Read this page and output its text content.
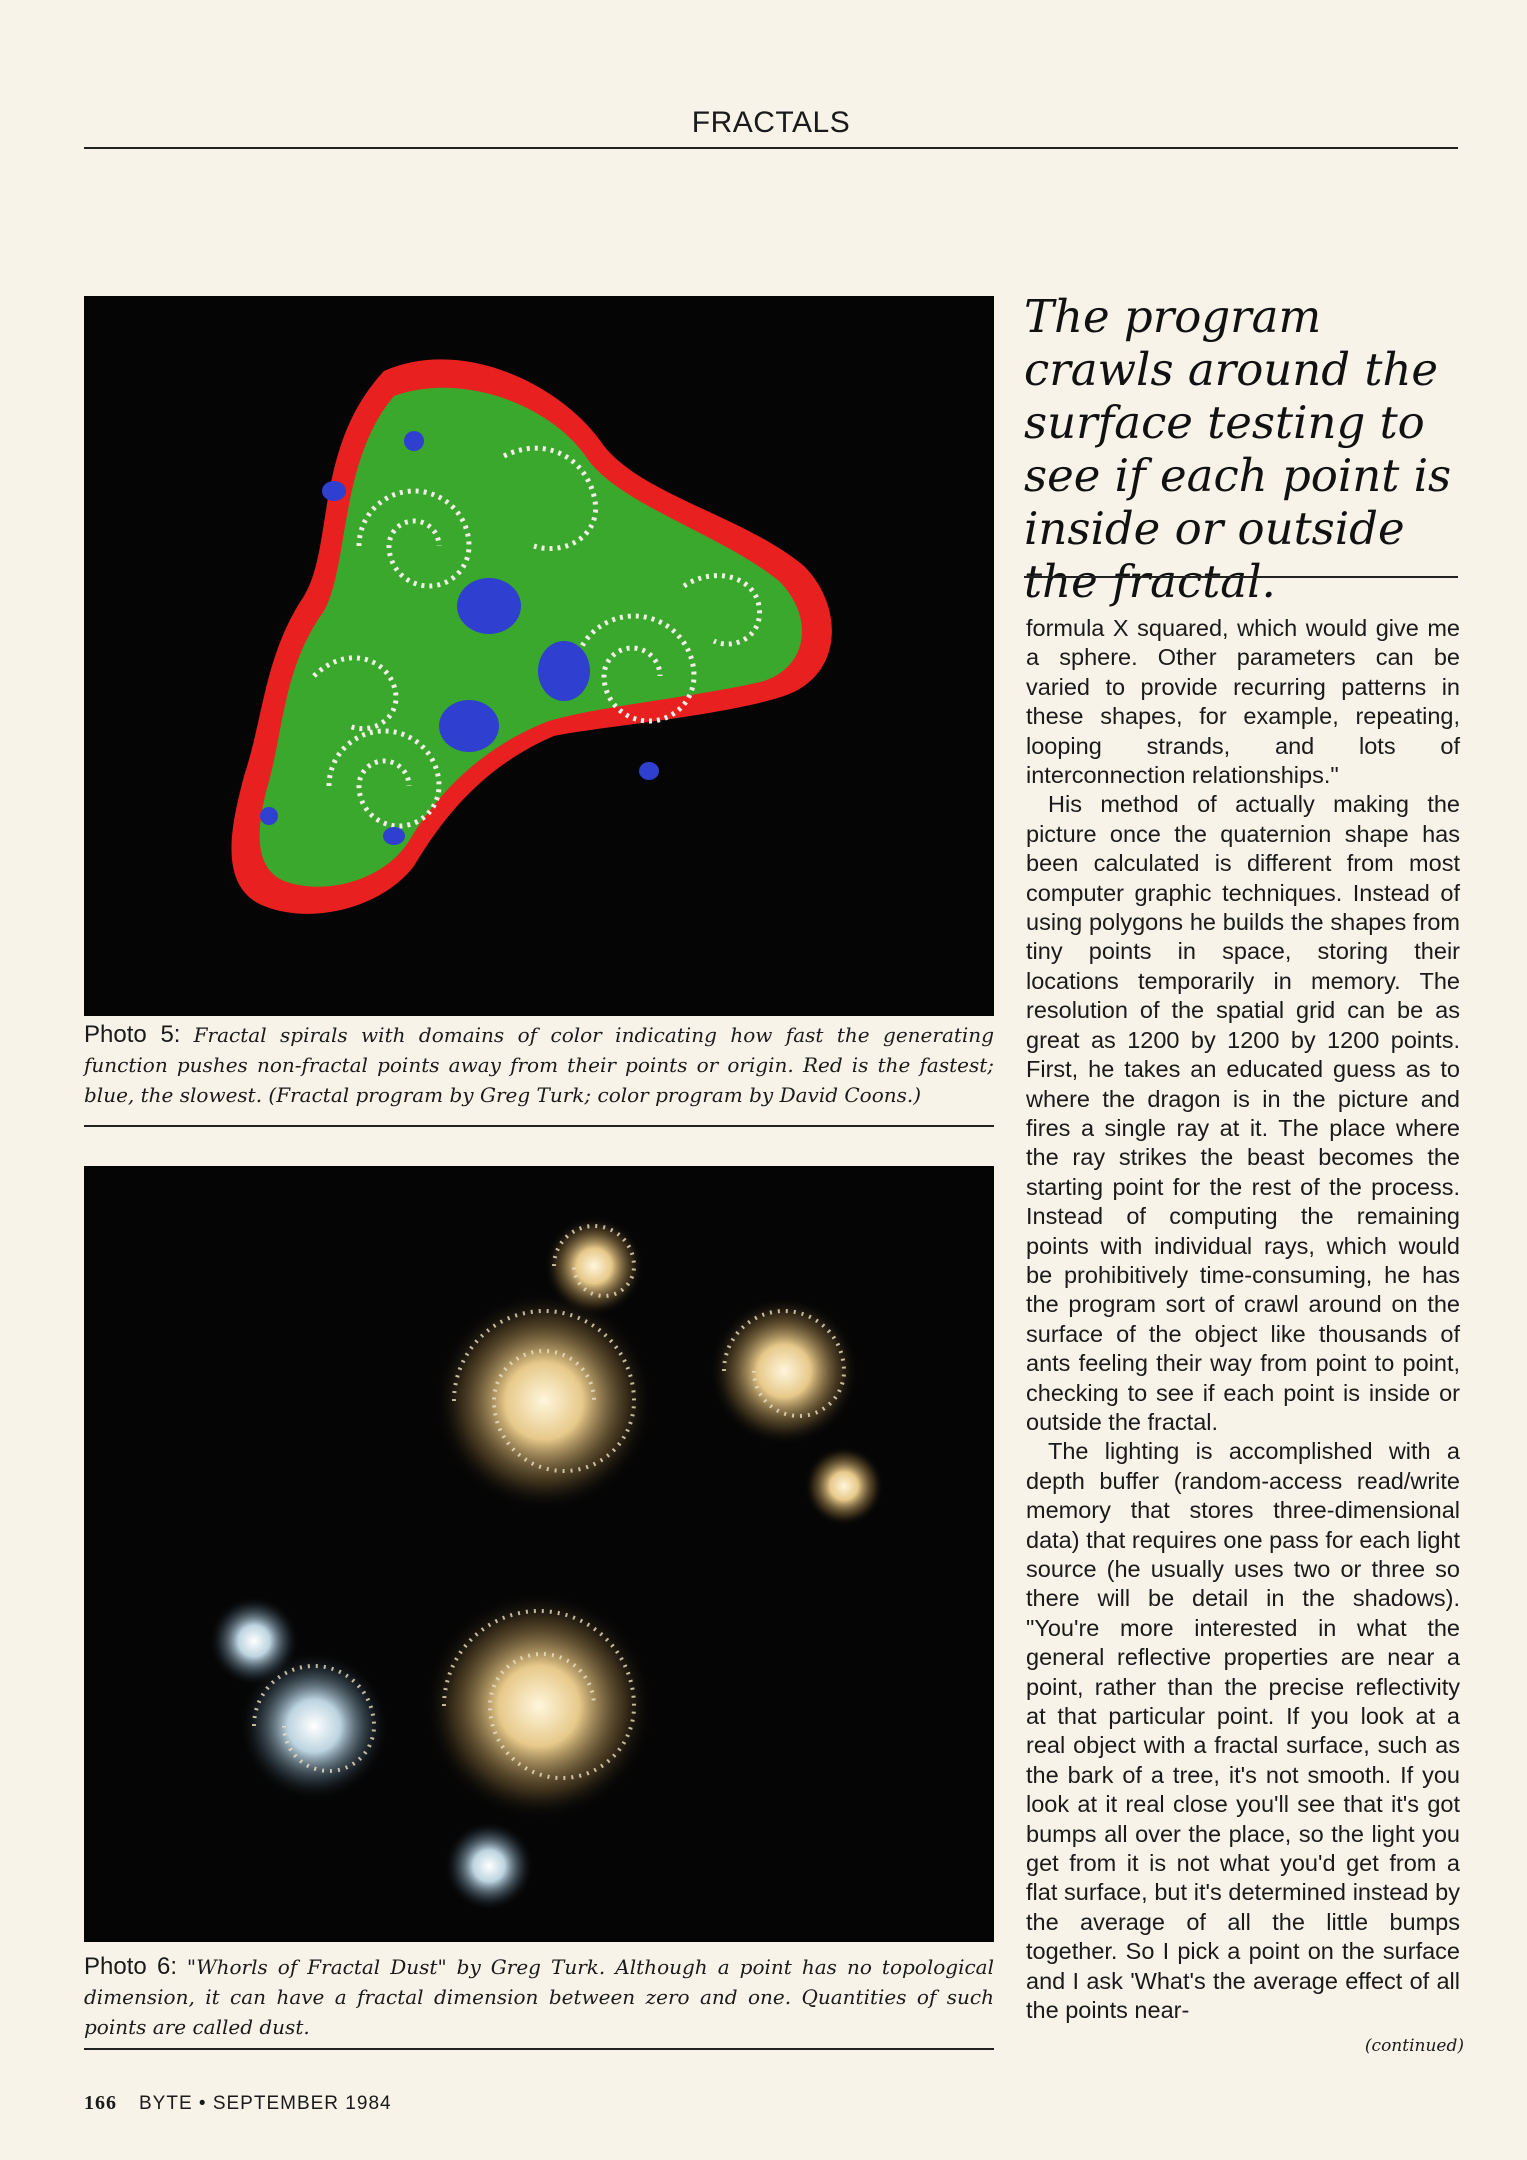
FRACTALS
Photo 5: Fractal spirals with domains of color indicating how fast the generating function pushes non-fractal points away from their points or origin. Red is the fastest; blue, the slowest. (Fractal program by Greg Turk; color program by David Coons.)
Photo 6: "Whorls of Fractal Dust" by Greg Turk. Although a point has no topological dimension, it can have a fractal dimension between zero and one. Quantities of such points are called dust.
The program crawls around the surface testing to see if each point is inside or outside the fractal.

formula X squared, which would give me a sphere. Other parameters can be varied to provide recurring patterns in these shapes, for example, repeating, looping strands, and lots of interconnection relationships."

His method of actually making the picture once the quaternion shape has been calculated is different from most computer graphic techniques. Instead of using polygons he builds the shapes from tiny points in space, storing their locations temporarily in memory. The resolution of the spatial grid can be as great as 1200 by 1200 by 1200 points. First, he takes an educated guess as to where the dragon is in the picture and fires a single ray at it. The place where the ray strikes the beast becomes the starting point for the rest of the process. Instead of computing the remaining points with individual rays, which would be prohibitively time-consuming, he has the program sort of crawl around on the surface of the object like thousands of ants feeling their way from point to point, checking to see if each point is inside or outside the fractal.

The lighting is accomplished with a depth buffer (random-access read/write memory that stores three-dimensional data) that requires one pass for each light source (he usually uses two or three so there will be detail in the shadows). "You're more interested in what the general reflective properties are near a point, rather than the precise reflectivity at that particular point. If you look at a real object with a fractal surface, such as the bark of a tree, it's not smooth. If you look at it real close you'll see that it's got bumps all over the place, so the light you get from it is not what you'd get from a flat surface, but it's determined instead by the average of all the little bumps together. So I pick a point on the surface and I ask 'What's the average effect of all the points near-

(continued)
166 BYTE • SEPTEMBER 1984
